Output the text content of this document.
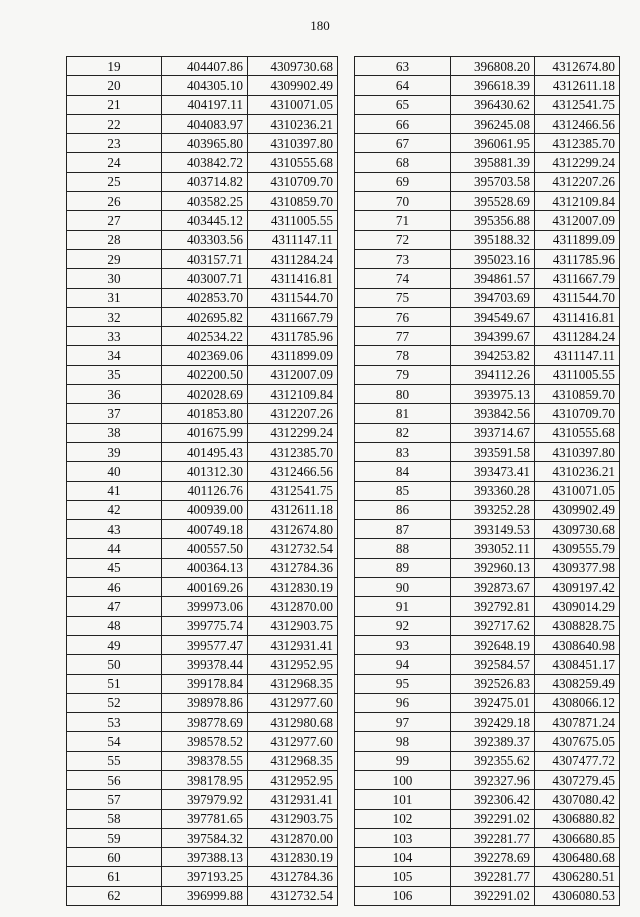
180
19	404407.86	4309730.68
20	404305.10	4309902.49
21	404197.11	4310071.05
22	404083.97	4310236.21
23	403965.80	4310397.80
24	403842.72	4310555.68
25	403714.82	4310709.70
26	403582.25	4310859.70
27	403445.12	4311005.55
28	403303.56	4311147.11
29	403157.71	4311284.24
30	403007.71	4311416.81
31	402853.70	4311544.70
32	402695.82	4311667.79
33	402534.22	4311785.96
34	402369.06	4311899.09
35	402200.50	4312007.09
36	402028.69	4312109.84
37	401853.80	4312207.26
38	401675.99	4312299.24
39	401495.43	4312385.70
40	401312.30	4312466.56
41	401126.76	4312541.75
42	400939.00	4312611.18
43	400749.18	4312674.80
44	400557.50	4312732.54
45	400364.13	4312784.36
46	400169.26	4312830.19
47	399973.06	4312870.00
48	399775.74	4312903.75
49	399577.47	4312931.41
50	399378.44	4312952.95
51	399178.84	4312968.35
52	398978.86	4312977.60
53	398778.69	4312980.68
54	398578.52	4312977.60
55	398378.55	4312968.35
56	398178.95	4312952.95
57	397979.92	4312931.41
58	397781.65	4312903.75
59	397584.32	4312870.00
60	397388.13	4312830.19
61	397193.25	4312784.36
62	396999.88	4312732.54
63	396808.20	4312674.80
64	396618.39	4312611.18
65	396430.62	4312541.75
66	396245.08	4312466.56
67	396061.95	4312385.70
68	395881.39	4312299.24
69	395703.58	4312207.26
70	395528.69	4312109.84
71	395356.88	4312007.09
72	395188.32	4311899.09
73	395023.16	4311785.96
74	394861.57	4311667.79
75	394703.69	4311544.70
76	394549.67	4311416.81
77	394399.67	4311284.24
78	394253.82	4311147.11
79	394112.26	4311005.55
80	393975.13	4310859.70
81	393842.56	4310709.70
82	393714.67	4310555.68
83	393591.58	4310397.80
84	393473.41	4310236.21
85	393360.28	4310071.05
86	393252.28	4309902.49
87	393149.53	4309730.68
88	393052.11	4309555.79
89	392960.13	4309377.98
90	392873.67	4309197.42
91	392792.81	4309014.29
92	392717.62	4308828.75
93	392648.19	4308640.98
94	392584.57	4308451.17
95	392526.83	4308259.49
96	392475.01	4308066.12
97	392429.18	4307871.24
98	392389.37	4307675.05
99	392355.62	4307477.72
100	392327.96	4307279.45
101	392306.42	4307080.42
102	392291.02	4306880.82
103	392281.77	4306680.85
104	392278.69	4306480.68
105	392281.77	4306280.51
106	392291.02	4306080.53
